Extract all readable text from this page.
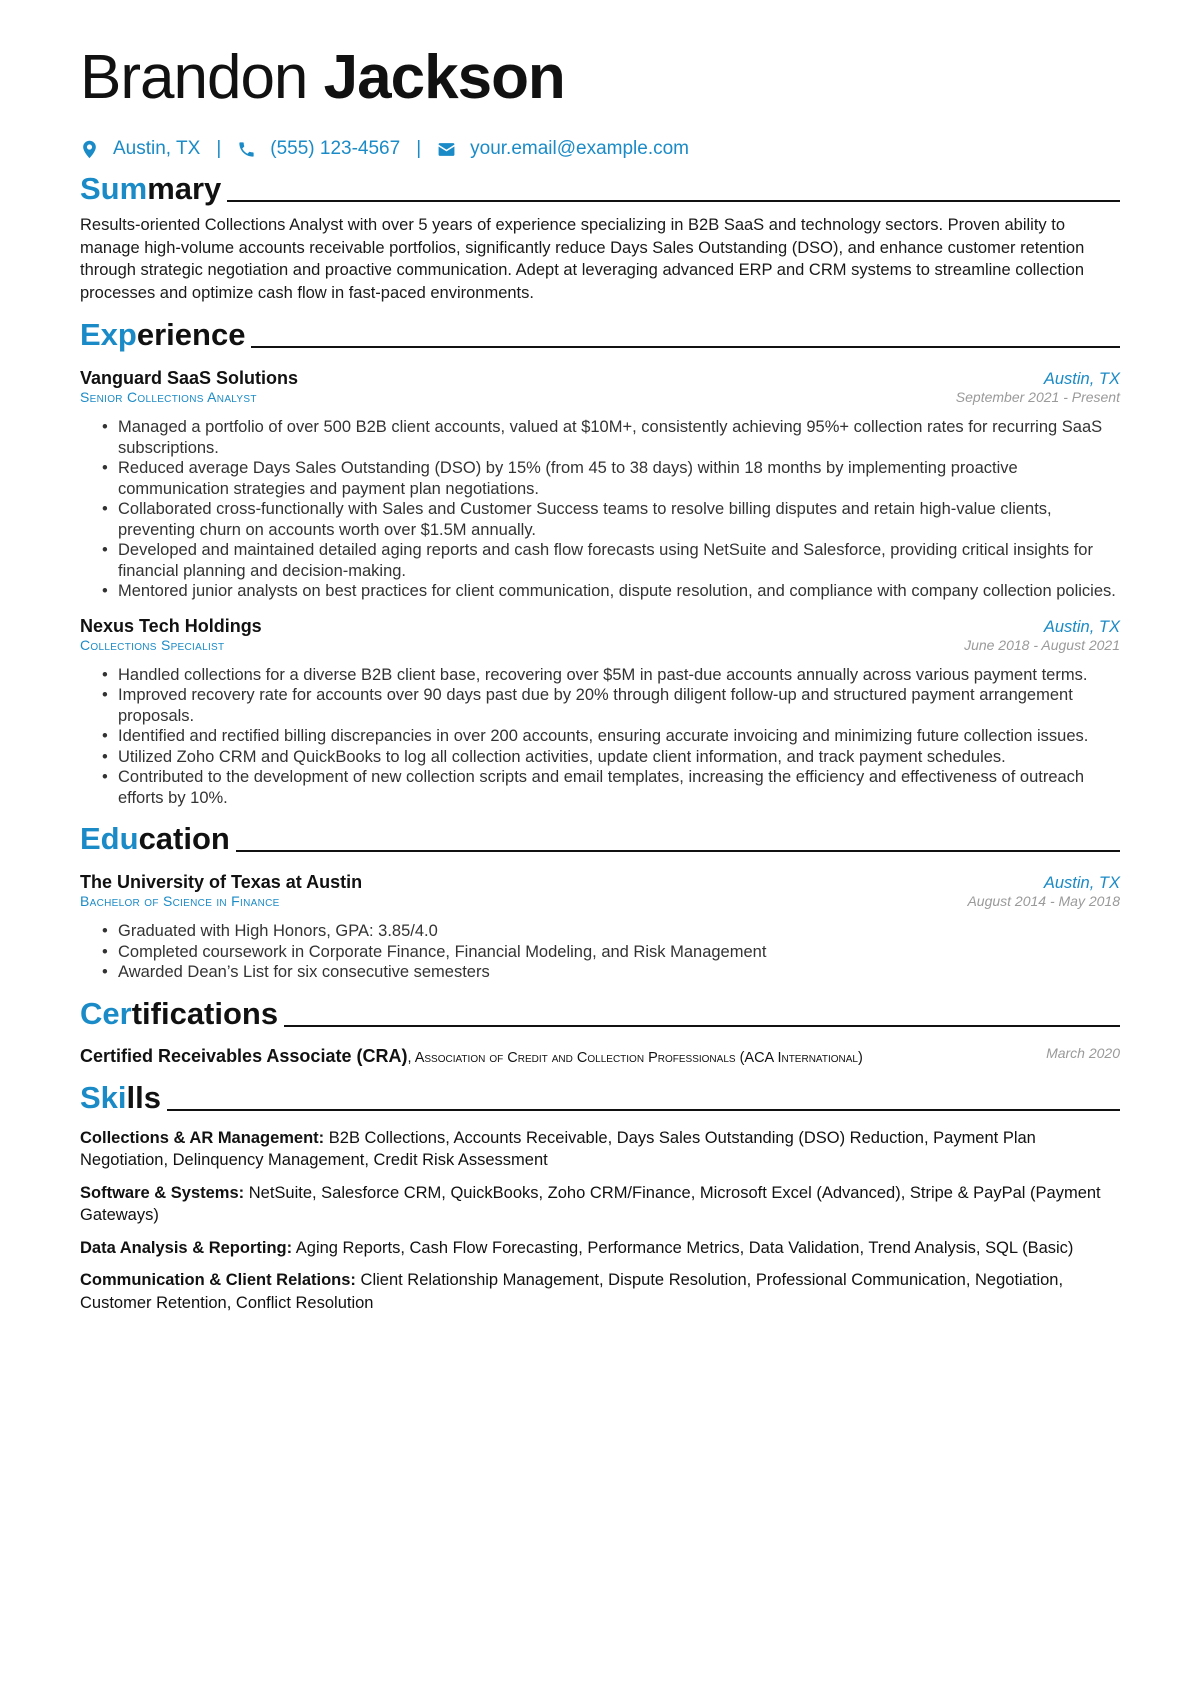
Brandon Jackson
Austin, TX |	(555) 123-4567 |	your.email@example.com
Summary

Results-oriented Collections Analyst with over 5 years of experience specializing in B2B SaaS and technology sectors. Proven ability to manage high-volume accounts receivable portfolios, significantly reduce Days Sales Outstanding (DSO), and enhance customer retention through strategic negotiation and proactive communication. Adept at leveraging advanced ERP and CRM systems to streamline collection processes and optimize cash flow in fast-paced environments.

Experience
Vanguard SaaS Solutions	Austin, TX
Senior Collections Analyst	September 2021 - Present
• Managed a portfolio of over 500 B2B client accounts, valued at $10M+, consistently achieving 95%+ collection rates for recurring SaaS subscriptions.
• Reduced average Days Sales Outstanding (DSO) by 15% (from 45 to 38 days) within 18 months by implementing proactive communication strategies and payment plan negotiations.
• Collaborated cross-functionally with Sales and Customer Success teams to resolve billing disputes and retain high-value clients, preventing churn on accounts worth over $1.5M annually.
• Developed and maintained detailed aging reports and cash flow forecasts using NetSuite and Salesforce, providing critical insights for financial planning and decision-making.
• Mentored junior analysts on best practices for client communication, dispute resolution, and compliance with company collection policies.
Nexus Tech Holdings	Austin, TX
Collections Specialist	June 2018 - August 2021
• Handled collections for a diverse B2B client base, recovering over $5M in past-due accounts annually across various payment terms.
• Improved recovery rate for accounts over 90 days past due by 20% through diligent follow-up and structured payment arrangement proposals.
• Identified and rectified billing discrepancies in over 200 accounts, ensuring accurate invoicing and minimizing future collection issues.
• Utilized Zoho CRM and QuickBooks to log all collection activities, update client information, and track payment schedules.
• Contributed to the development of new collection scripts and email templates, increasing the efficiency and effectiveness of outreach efforts by 10%.
Education
The University of Texas at Austin	Austin, TX
Bachelor of Science in Finance	August 2014 - May 2018
• Graduated with High Honors, GPA: 3.85/4.0
• Completed coursework in Corporate Finance, Financial Modeling, and Risk Management
• Awarded Dean’s List for six consecutive semesters
Certifications
Certified Receivables Associate (CRA), Association of Credit and Collection Professionals (ACA International)	March 2020
Skills
Collections & AR Management: B2B Collections, Accounts Receivable, Days Sales Outstanding (DSO) Reduction, Payment Plan Negotiation, Delinquency Management, Credit Risk Assessment
Software & Systems: NetSuite, Salesforce CRM, QuickBooks, Zoho CRM/Finance, Microsoft Excel (Advanced), Stripe & PayPal (Payment Gateways)
Data Analysis & Reporting: Aging Reports, Cash Flow Forecasting, Performance Metrics, Data Validation, Trend Analysis, SQL (Basic)
Communication & Client Relations: Client Relationship Management, Dispute Resolution, Professional Communication, Negotiation, Customer Retention, Conflict Resolution
